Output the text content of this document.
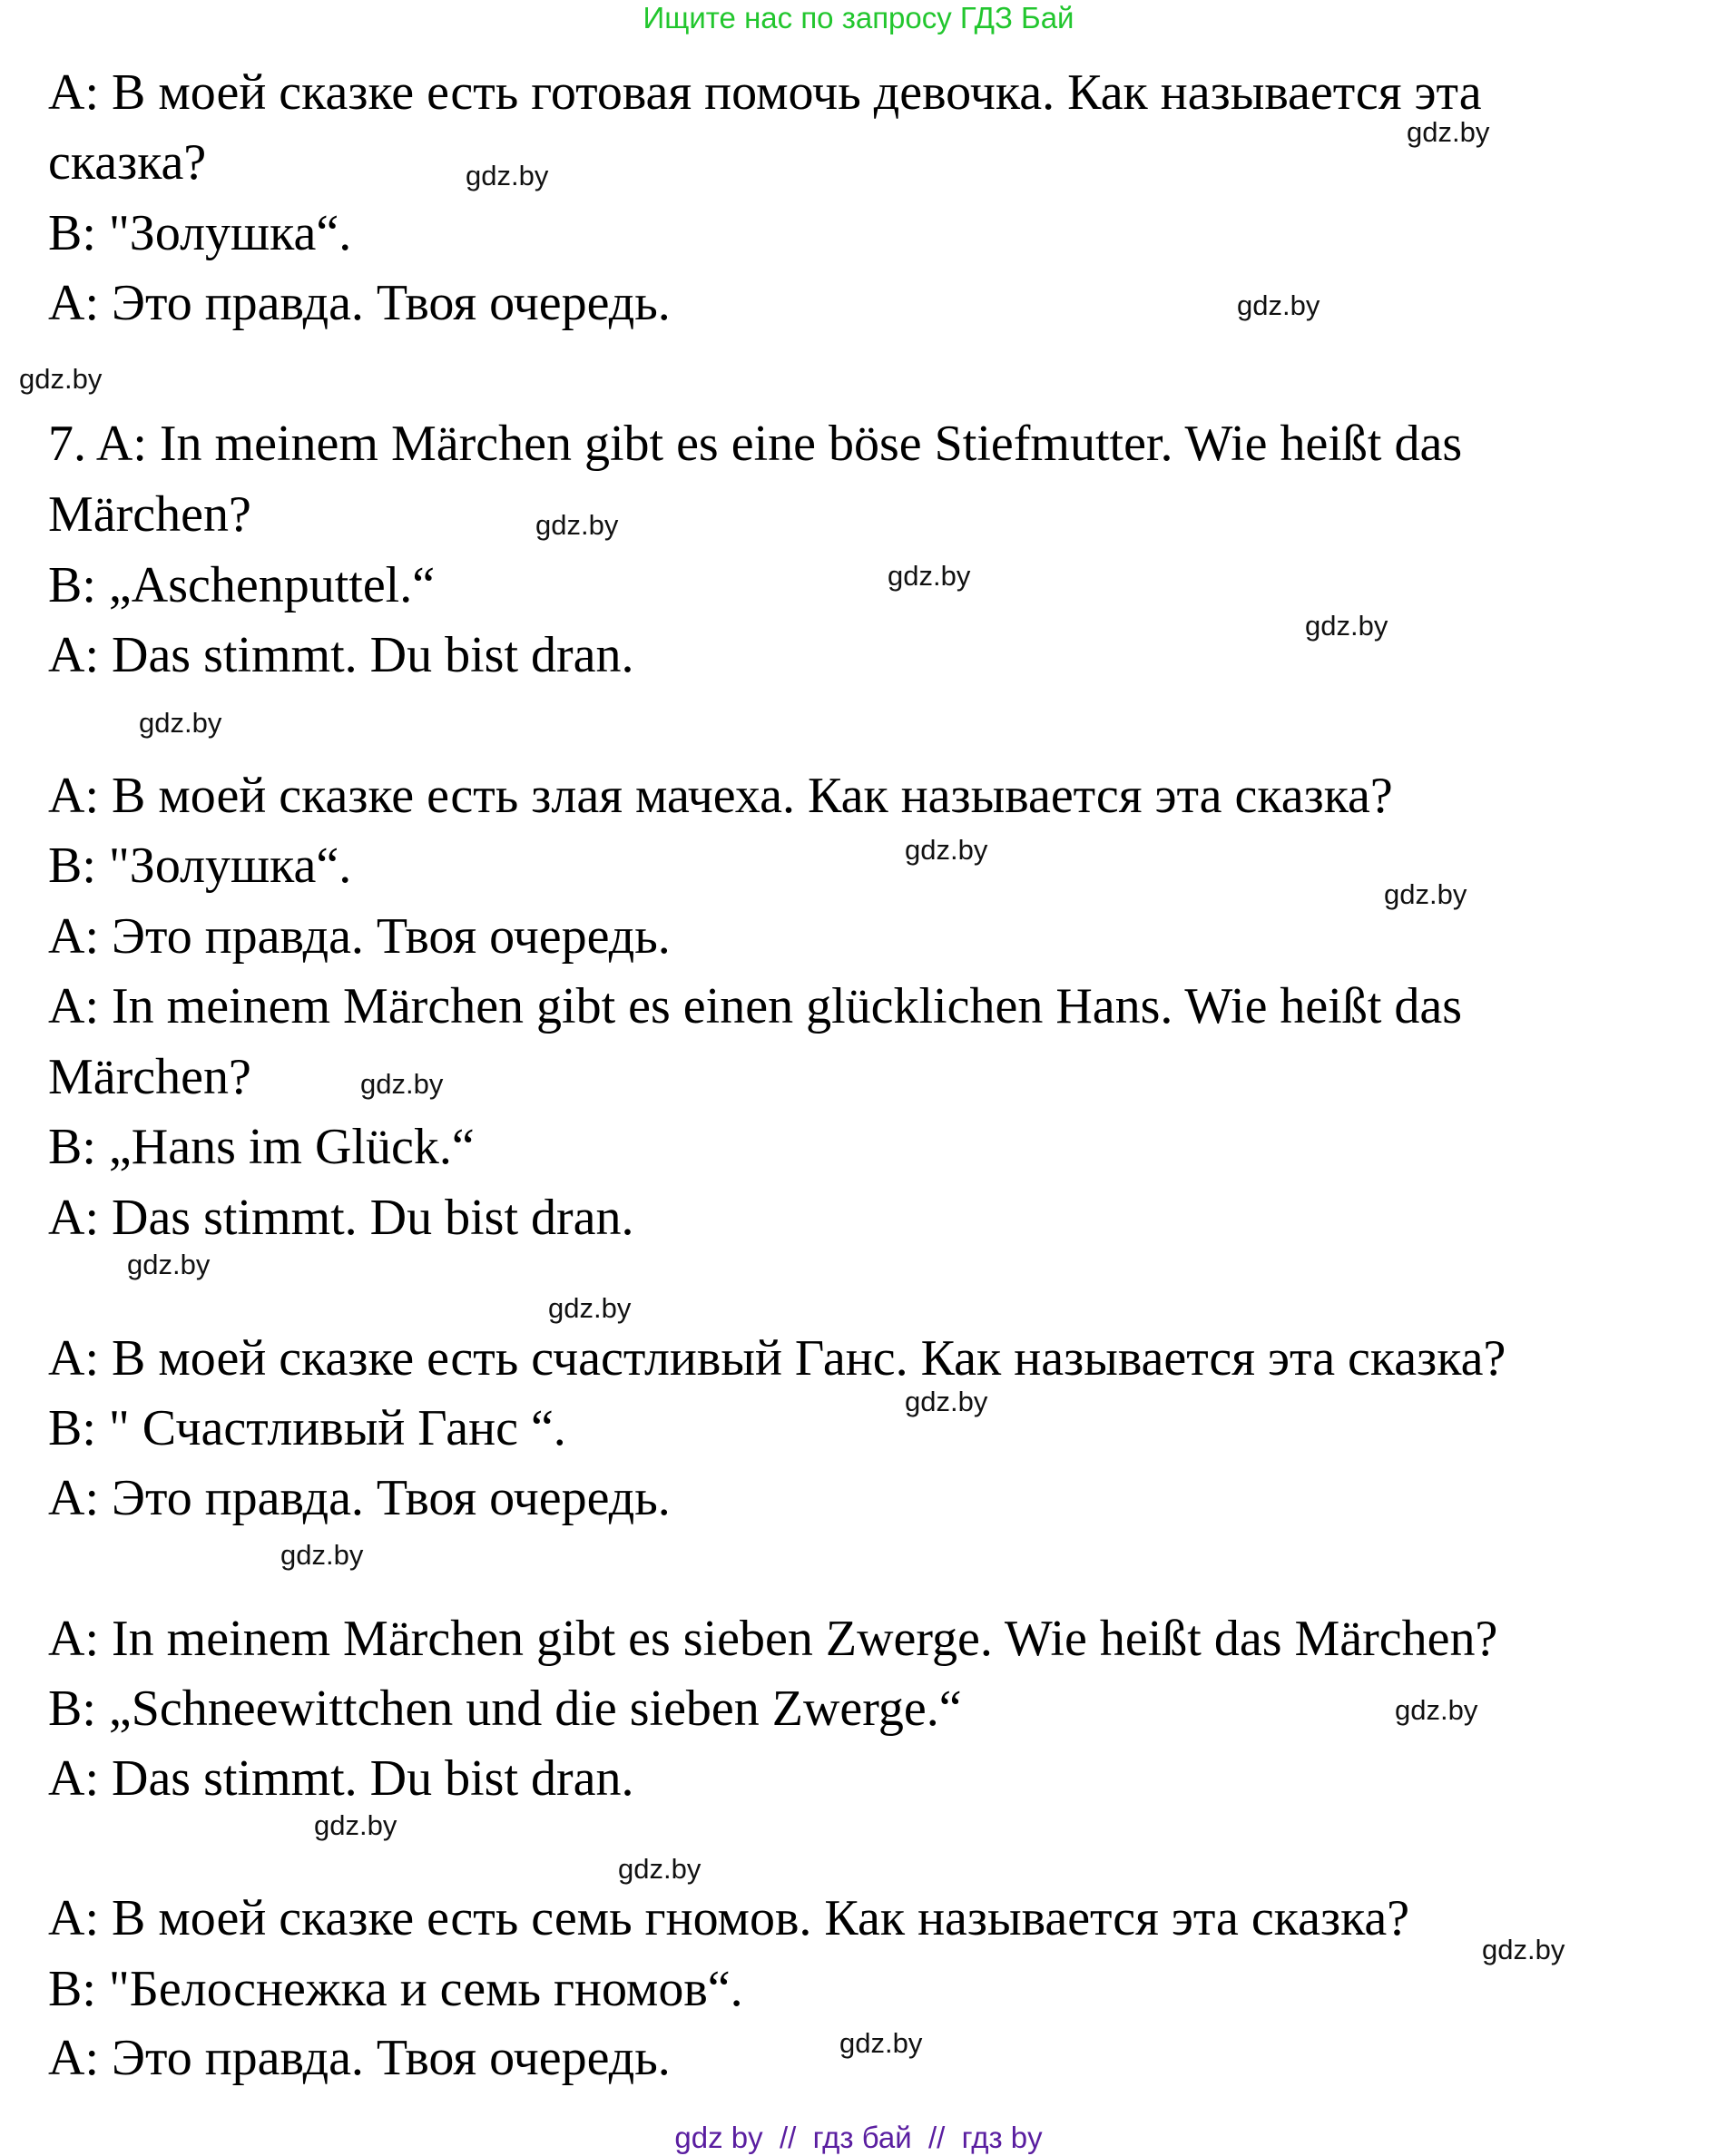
Ищите нас по запросу ГДЗ Бай
А: В моей сказке есть готовая помочь девочка. Как называется эта
сказка?
B: "Золушка“.
А: Это правда. Твоя очередь.
7. A: In meinem Märchen gibt es eine böse Stiefmutter. Wie heißt das
Märchen?
B: „Aschenputtel.“
A: Das stimmt. Du bist dran.
А: В моей сказке есть злая мачеха. Как называется эта сказка?
B: "Золушка“.
А: Это правда. Твоя очередь.
A: In meinem Märchen gibt es einen glücklichen Hans. Wie heißt das
Märchen?
B: „Hans im Glück.“
A: Das stimmt. Du bist dran.
А: В моей сказке есть счастливый Ганс. Как называется эта сказка?
B: " Счастливый Ганс “.
А: Это правда. Твоя очередь.
A: In meinem Märchen gibt es sieben Zwerge. Wie heißt das Märchen?
B: „Schneewittchen und die sieben Zwerge.“
A: Das stimmt. Du bist dran.
А: В моей сказке есть семь гномов. Как называется эта сказка?
B: "Белоснежка и семь гномов“.
А: Это правда. Твоя очередь.
gdz.by
gdz.by
gdz.by
gdz.by
gdz.by
gdz.by
gdz.by
gdz.by
gdz.by
gdz.by
gdz.by
gdz.by
gdz.by
gdz.by
gdz.by
gdz.by
gdz.by
gdz.by
gdz.by
gdz.by
gdz by  //  гдз бай  //  гдз by
